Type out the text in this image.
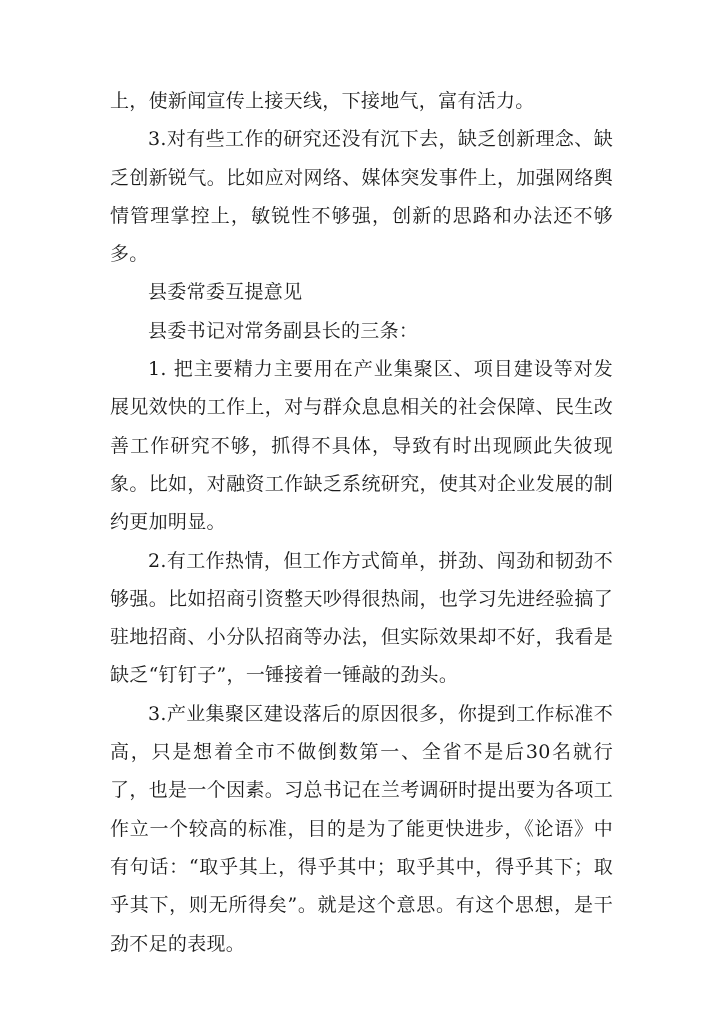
上，使新闻宣传上接天线，下接地气，富有活力。

3.对有些工作的研究还没有沉下去，缺乏创新理念、缺乏创新锐气。比如应对网络、媒体突发事件上，加强网络舆情管理掌控上，敏锐性不够强，创新的思路和办法还不够多。

县委常委互提意见

县委书记对常务副县长的三条：

1. 把主要精力主要用在产业集聚区、项目建设等对发展见效快的工作上，对与群众息息相关的社会保障、民生改善工作研究不够，抓得不具体，导致有时出现顾此失彼现象。比如，对融资工作缺乏系统研究，使其对企业发展的制约更加明显。

2.有工作热情，但工作方式简单，拼劲、闯劲和韧劲不够强。比如招商引资整天吵得很热闹，也学习先进经验搞了驻地招商、小分队招商等办法，但实际效果却不好，我看是缺乏“钉钉子”，一锤接着一锤敲的劲头。

3.产业集聚区建设落后的原因很多，你提到工作标准不高，只是想着全市不做倒数第一、全省不是后30名就行了，也是一个因素。习总书记在兰考调研时提出要为各项工作立一个较高的标准，目的是为了能更快进步，《论语》中有句话：“取乎其上，得乎其中；取乎其中，得乎其下；取乎其下，则无所得矣”。就是这个意思。有这个思想，是干劲不足的表现。
